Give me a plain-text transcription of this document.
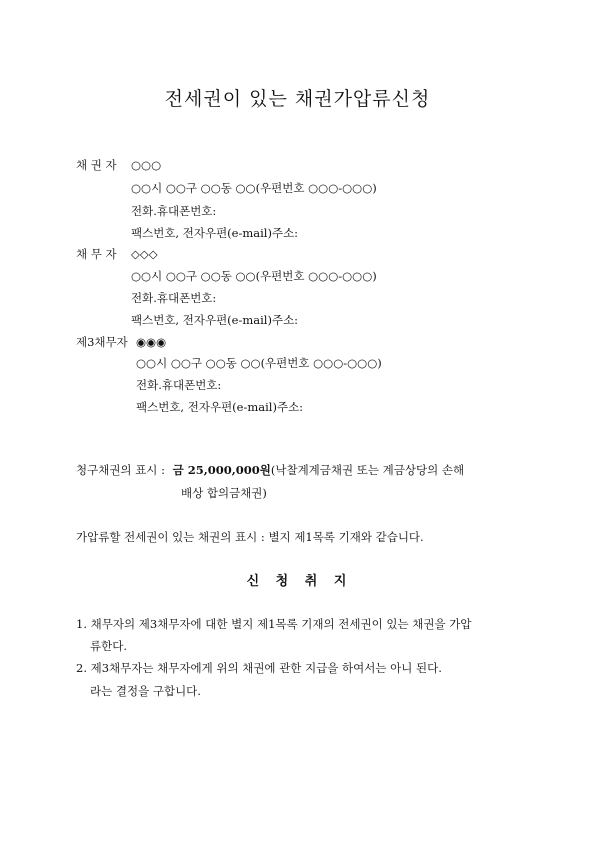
전세권이 있는 채권가압류신청
채 권 자 ○○○
○○시 ○○구 ○○동 ○○(우편번호 ○○○-○○○)
전화.휴대폰번호:
팩스번호, 전자우편(e-mail)주소:
채 무 자 ◇◇◇
○○시 ○○구 ○○동 ○○(우편번호 ○○○-○○○)
전화.휴대폰번호:
팩스번호, 전자우편(e-mail)주소:
제3채무자 ◉◉◉
○○시 ○○구 ○○동 ○○(우편번호 ○○○-○○○)
전화.휴대폰번호:
팩스번호, 전자우편(e-mail)주소:
청구채권의 표시 : 금 25,000,000원(낙찰계계금채권 또는 계금상당의 손해
배상 합의금채권)
가압류할 전세권이 있는 채권의 표시 : 별지 제1목록 기재와 같습니다.
신 청 취 지
1. 채무자의 제3채무자에 대한 별지 제1목록 기재의 전세권이 있는 채권을 가압
류한다.
2. 제3채무자는 채무자에게 위의 채권에 관한 지급을 하여서는 아니 된다.
라는 결정을 구합니다.
